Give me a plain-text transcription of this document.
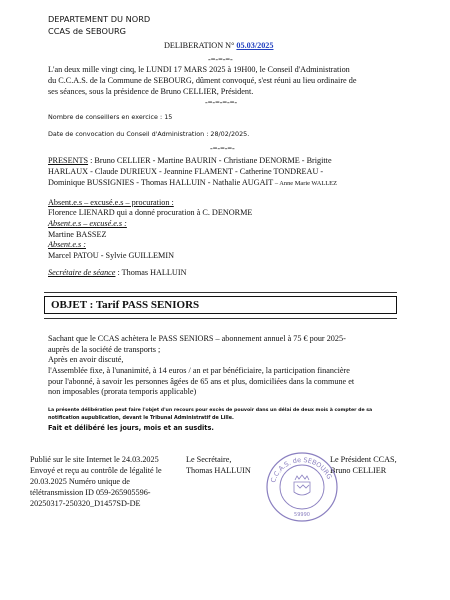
DEPARTEMENT DU NORD
CCAS de SEBOURG
DELIBERATION N° 05.03/2025
-=-=-=-
L'an deux mille vingt cinq, le LUNDI 17 MARS 2025 à 19H00, le Conseil d'Administration
du C.C.A.S. de la Commune de SEBOURG, dûment convoqué, s'est réuni au lieu ordinaire de
ses séances, sous la présidence de Bruno CELLIER, Président.
-=-=-=-=-
Nombre de conseillers en exercice : 15
Date de convocation du Conseil d'Administration : 28/02/2025.
-=-=-=-
PRESENTS : Bruno CELLIER - Martine BAURIN - Christiane DENORME - Brigitte
HARLAUX - Claude DURIEUX - Jeannine FLAMENT - Catherine TONDREAU -
Dominique BUSSIGNIES - Thomas HALLUIN - Nathalie AUGAIT – Anne Marie WALLEZ
Absent.e.s – excusé.e.s – procuration :
Florence LIENARD qui a donné procuration à C. DENORME
Absent.e.s – excusé.e.s :
Martine BASSEZ
Absent.e.s :
Marcel PATOU - Sylvie GUILLEMIN
Secrétaire de séance : Thomas HALLUIN
OBJET : Tarif PASS SENIORS
Sachant que le CCAS achètera le PASS SENIORS – abonnement annuel à 75 € pour 2025-
auprès de la société de transports ;
Après en avoir discuté,
l'Assemblée fixe, à l'unanimité, à 14 euros / an et par bénéficiaire, la participation financière
pour l'abonné, à savoir les personnes âgées de 65 ans et plus, domiciliées dans la commune et
non imposables (prorata temporis applicable)
La présente délibération peut faire l'objet d'un recours pour excès de pouvoir dans un délai de deux mois à compter de sa
notification aupublication, devant le Tribunal Administratif de Lille.
Fait et délibéré les jours, mois et an susdits.
Publié sur le site Internet le 24.03.2025
Envoyé et reçu au contrôle de légalité le
20.03.2025 Numéro unique de
télétransmission ID 059-265905596-
20250317-250320_D1457SD-DE
Le Secrétaire,
Thomas HALLUIN
Le Président CCAS,
Bruno CELLIER
C.C.A.S. de SEBOURG
59990
